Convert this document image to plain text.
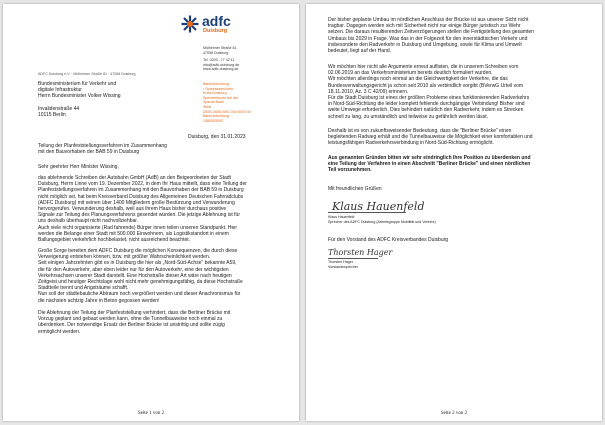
adfc
Duisburg
ADFC Duisburg e.V. · Mülheimer Straße 81 · 47058 Duisburg
Bundesministerium für Verkehr und
digitale Infrastruktur
Herrn Bundesminister Volker Wissing
Invalidenstraße 44
10115 Berlin
Mülheimer Straße 81
47058 Duisburg
Tel. 0203 - 77 42 11
info@adfc-duisburg.de
www.adfc-duisburg.de
Bankverbindung
• Sparkassenkonto
Kreis Duisburg
Spendenkonto bei der
Sparda Bank
West
DE53 3606 0591 000 6000 00
Bankverbindung
1080503092
Duisburg, den 31.01.2023
Teilung der Planfeststellungsverfahren im Zusammenhang
mit den Bauvorhaben der BAB 59 in Duisburg
Sehr geehrter Herr Minister Wissing,
das ablehnende Schreiben der Autobahn GmbH (AdB) an den Beigeordneten der Stadt
Duisburg, Herrn Linne vom 19. Dezember 2022, in dem Ihr Haus mitteilt, dass eine Teilung der
Planfeststellungsverfahren im Zusammenhang mit den Bauvorhaben der BAB 59 in Duisburg
nicht möglich sei, hat beim Kreisverband Duisburg des Allgemeinen Deutschen Fahrradclubs
(ADFC Duisburg) mit seinen über 1400 Mitgliedern große Bestürzung und Verwunderung
hervorgerufen. Verwunderung deshalb, weil aus ihrem Haus bisher durchaus positive
Signale zur Teilung des Planungsverfahrens gesendet wurden. Die jetzige Ablehnung ist für
uns deshalb überhaupt nicht nachvollziehbar.
Auch viele nicht organisierte (Rad fahrende) Bürger innen teilen unseren Standpunkt. Hier
werden die Belange einer Stadt mit 500.000 Einwohnern, als Logistikstandort in einem
Ballungsgebiet verkehrlich hochbelastet, nicht ausreichend beachtet.
Große Sorge bereiten dem ADFC Duisburg die möglichen Konsequenzen, die durch diese
Verweigerung entstehen können, bzw. mit größter Wahrscheinlichkeit werden.
Seit einigen Jahrzehnten gibt es in Duisburg die hier als „Nord-Süd-Achse" bekannte A59,
die für den Autoverkehr, aber eben leider nur für den Autoverkehr, eine der wichtigsten
Verkehrsachsen unserer Stadt darstellt. Eine Hochstraße dieser Art wäre nach heutigen
Zeitgeist und heutiger Rechtslage wohl nicht mehr genehmigungsfähig, da diese Hochstraße
Stadtteile trennt und Angsträume schafft.
Nun soll der städtebauliche Abtraum noch vergrößert werden und dieser Anachronismus für
die nächsten achtzig Jahre in Beton gegossen werden!
Die Ablehnung der Teilung der Planfeststellung verhindert, dass die Berliner Brücke mit
Vorzug geplant und gebaut werden kann, ohne die Tunnelbauweise noch einmal zu
überdenken. Der notwendige Ersatz der Berliner Brücke ist unstrittig und sollte zügig
ermöglicht werden.
Seite 1 von 2
Der bisher geplante Umbau im nördlichen Anschluss der Brücke ist aus unserer Sicht nicht
tragbar. Dagegen werden sich mit Sicherheit nicht nur einige Bürger juristisch zur Wehr
setzen. Die daraus resultierenden Zeitverzögerungen stellen die Fertigstellung des gesamten
Umbaus bis 2029 in Frage. Was das in der Folgezeit für den innerstädtischen Verkehr und
insbesondere den Radverkehr in Duisburg und Umgebung, sowie für Klima und Umwelt
bedeutet, liegt auf der Hand.
Wir möchten hier nicht alle Argumente erneut auflisten, die in unserem Schreiben vom
02.06.2019 an das Verkehrsministerium bereits deutlich formuliert wurden.
Wir möchten allerdings noch einmal an die Gleichwertigkeit der Verkehre, die das
Bundesverwaltungsgericht ja schon seit 2010 als verbindlich vorgibt (BVerwG Urteil vom
18.11.2010, Az. 3 C 42/09) erinnern.
Für die Stadt Duisburg ist eines der größten Probleme eines funktionierenden Radverkehrs
in Nord-Süd-Richtung die leider komplett fehlende durchgängige Verbindung! Bisher sind
weite Umwege erforderlich. Dies behindert natürlich den Radverkehr, indem es Strecken
schnell zu lang, zu umständlich und teilweise zu gefährlich werden lässt.
Deshalb ist es von zukunftsweisender Bedeutung, dass die "Berliner Brücke" einen
begleitenden Radweg erhält und die Tunnelbauweise die Möglichkeit einer komfortablen und
leistungsfähigen Radverkehrsverbindung in Nord-Süd-Richtung ermöglicht.
Aus genannten Gründen bitten wir sehr eindringlich Ihre Position zu überdenken und
eine Teilung der Verfahren in einen Abschnitt "Berliner Brücke" und einen nördlichen
Teil vorzunehmen.
Mit freundlichen Grüßen
Klaus Hauenfeld
Klaus Hauenfeld
Sprecher des ADFC Duisburg (Arbeitsgruppe Mobilität und Verkehr)
Für den Vorstand des ADFC Kreisverbandes Duisburg
Thorsten Hager
Thorsten Hager
Vorstandssprecher
Seite 2 von 2
